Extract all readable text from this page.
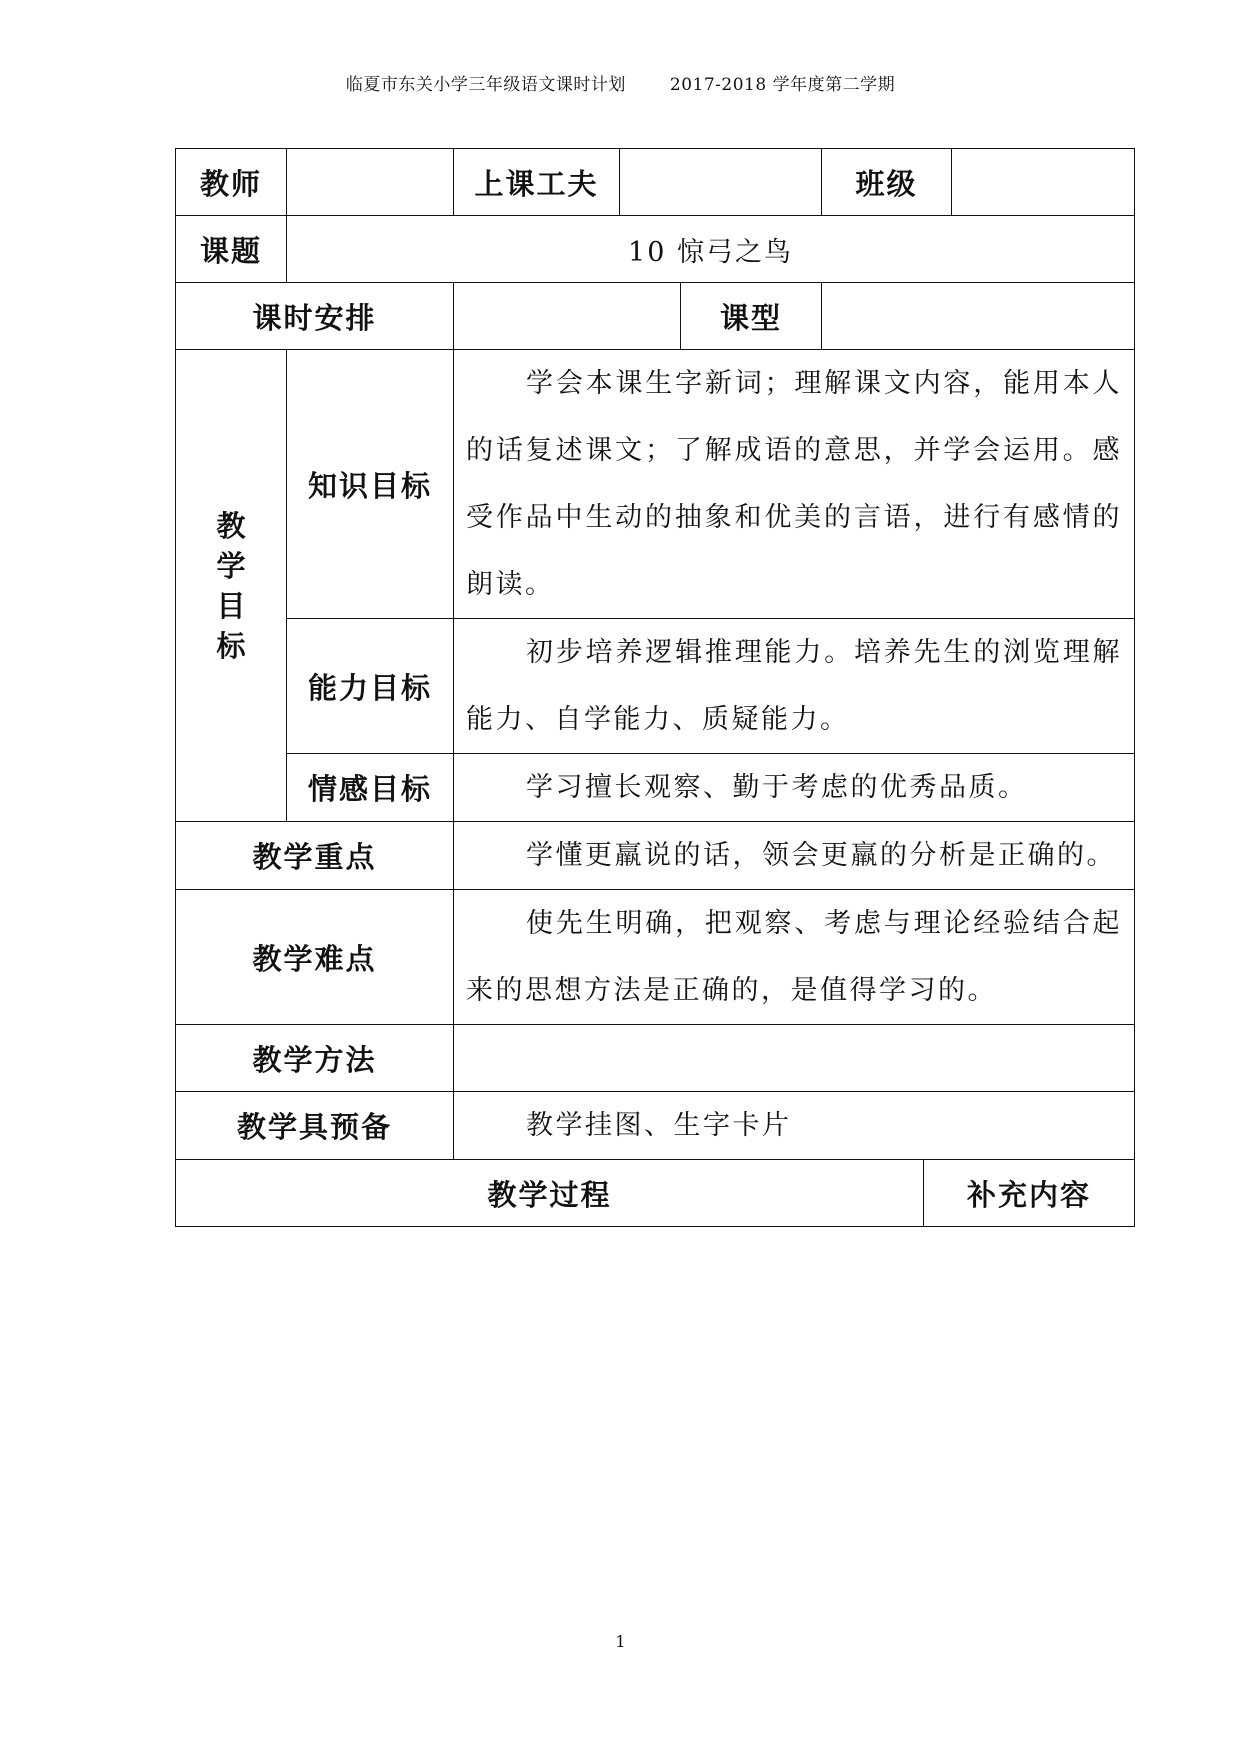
临夏市东关小学三年级语文课时计划	2017-2018 学年度第二学期
教师		上课工夫			班级		
课题	10 惊弓之鸟						
课时安排				课型			

教
学
目
标	知识目标	学会本课生字新词；理解课文内容，能用本人的话复述课文；了解成语的意思，并学会运用。感受作品中生动的抽象和优美的言语，进行有感情的朗读。					

	能力目标	初步培养逻辑推理能力。培养先生的浏览理解能力、自学能力、质疑能力。					

	情感目标	学习擅长观察、勤于考虑的优秀品质。					

教学重点		学懂更羸说的话，领会更羸的分析是正确的。					

教学难点		使先生明确，把观察、考虑与理论经验结合起来的思想方法是正确的，是值得学习的。					

教学方法							
教学具预备		教学挂图、生字卡片					

教学过程						补充内容	
1
